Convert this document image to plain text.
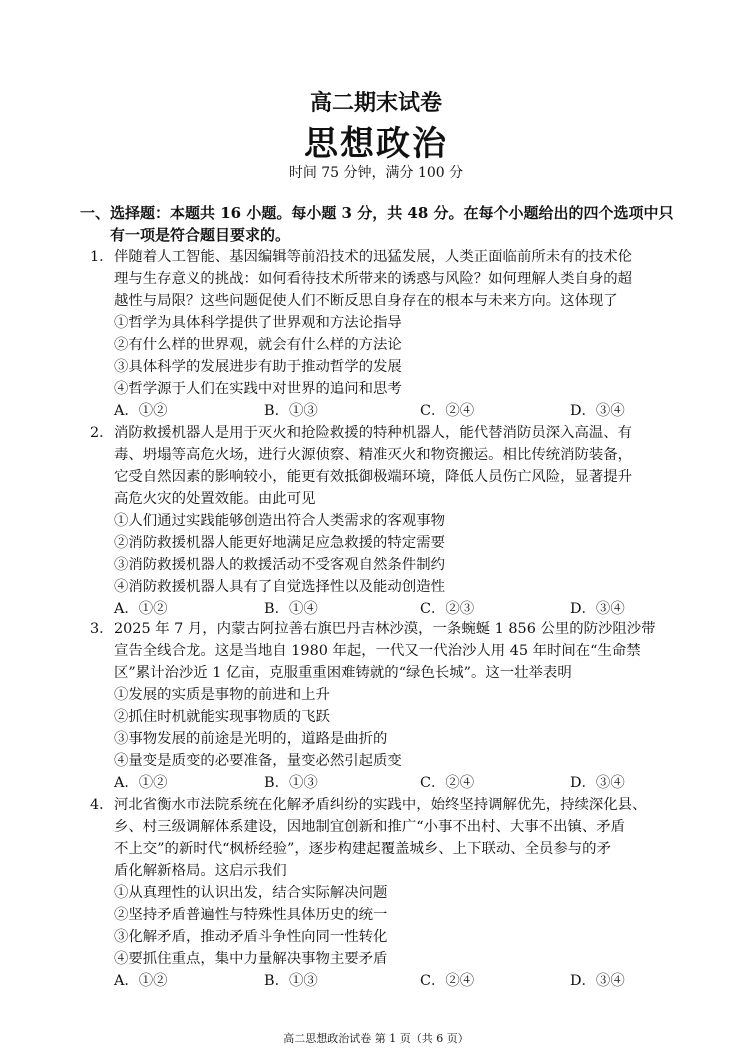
高二期末试卷
思想政治
时间 75 分钟，满分 100 分
一、选择题：本题共 16 小题。每小题 3 分，共 48 分。在每个小题给出的四个选项中只
有一项是符合题目要求的。
1． 伴随着人工智能、基因编辑等前沿技术的迅猛发展，人类正面临前所未有的技术伦
理与生存意义的挑战：如何看待技术所带来的诱惑与风险？如何理解人类自身的超
越性与局限？这些问题促使人们不断反思自身存在的根本与未来方向。这体现了
①哲学为具体科学提供了世界观和方法论指导
②有什么样的世界观，就会有什么样的方法论
③具体科学的发展进步有助于推动哲学的发展
④哲学源于人们在实践中对世界的追问和思考
A．①②	B．①③	C．②④	D．③④
2． 消防救援机器人是用于灭火和抢险救援的特种机器人，能代替消防员深入高温、有
毒、坍塌等高危火场，进行火源侦察、精准灭火和物资搬运。相比传统消防装备，
它受自然因素的影响较小，能更有效抵御极端环境，降低人员伤亡风险，显著提升
高危火灾的处置效能。由此可见
①人们通过实践能够创造出符合人类需求的客观事物
②消防救援机器人能更好地满足应急救援的特定需要
③消防救援机器人的救援活动不受客观自然条件制约
④消防救援机器人具有了自觉选择性以及能动创造性
A．①②	B．①④	C．②③	D．③④
3． 2025 年 7 月，内蒙古阿拉善右旗巴丹吉林沙漠，一条蜿蜒 1 856 公里的防沙阻沙带
宣告全线合龙。这是当地自 1980 年起，一代又一代治沙人用 45 年时间在“生命禁
区”累计治沙近 1 亿亩，克服重重困难铸就的“绿色长城”。这一壮举表明
①发展的实质是事物的前进和上升
②抓住时机就能实现事物质的飞跃
③事物发展的前途是光明的，道路是曲折的
④量变是质变的必要准备，量变必然引起质变
A．①②	B．①③	C．②④	D．③④
4． 河北省衡水市法院系统在化解矛盾纠纷的实践中，始终坚持调解优先，持续深化县、
乡、村三级调解体系建设，因地制宜创新和推广“小事不出村、大事不出镇、矛盾
不上交”的新时代“枫桥经验”，逐步构建起覆盖城乡、上下联动、全员参与的矛
盾化解新格局。这启示我们
①从真理性的认识出发，结合实际解决问题
②坚持矛盾普遍性与特殊性具体历史的统一
③化解矛盾，推动矛盾斗争性向同一性转化
④要抓住重点，集中力量解决事物主要矛盾
A．①②	B．①③	C．②④	D．③④
高二思想政治试卷 第 1 页（共 6 页）
